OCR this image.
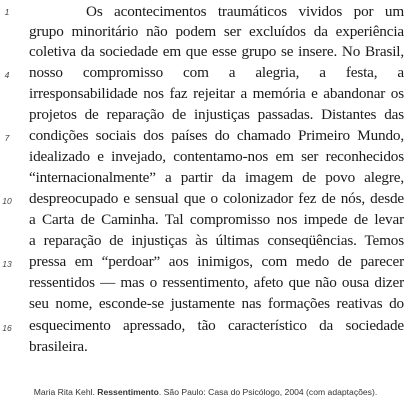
Os acontecimentos traumáticos vividos por um
grupo minoritário não podem ser excluídos da experiência
coletiva da sociedade em que esse grupo se insere. No Brasil,
nosso compromisso com a alegria, a festa, a
irresponsabilidade nos faz rejeitar a memória e abandonar os
projetos de reparação de injustiças passadas. Distantes das
condições sociais dos países do chamado Primeiro Mundo,
idealizado e invejado, contentamo-nos em ser reconhecidos
“internacionalmente” a partir da imagem de povo alegre,
despreocupado e sensual que o colonizador fez de nós, desde
a Carta de Caminha. Tal compromisso nos impede de levar
a reparação de injustiças às últimas conseqüências. Temos
pressa em “perdoar” aos inimigos, com medo de parecer
ressentidos — mas o ressentimento, afeto que não ousa dizer
seu nome, esconde-se justamente nas formações reativas do
esquecimento apressado, tão característico da sociedade
brasileira.
1
4
7
10
13
16
Maria Rita Kehl. Ressentimento. São Paulo: Casa do Psicólogo, 2004 (com adaptações).
